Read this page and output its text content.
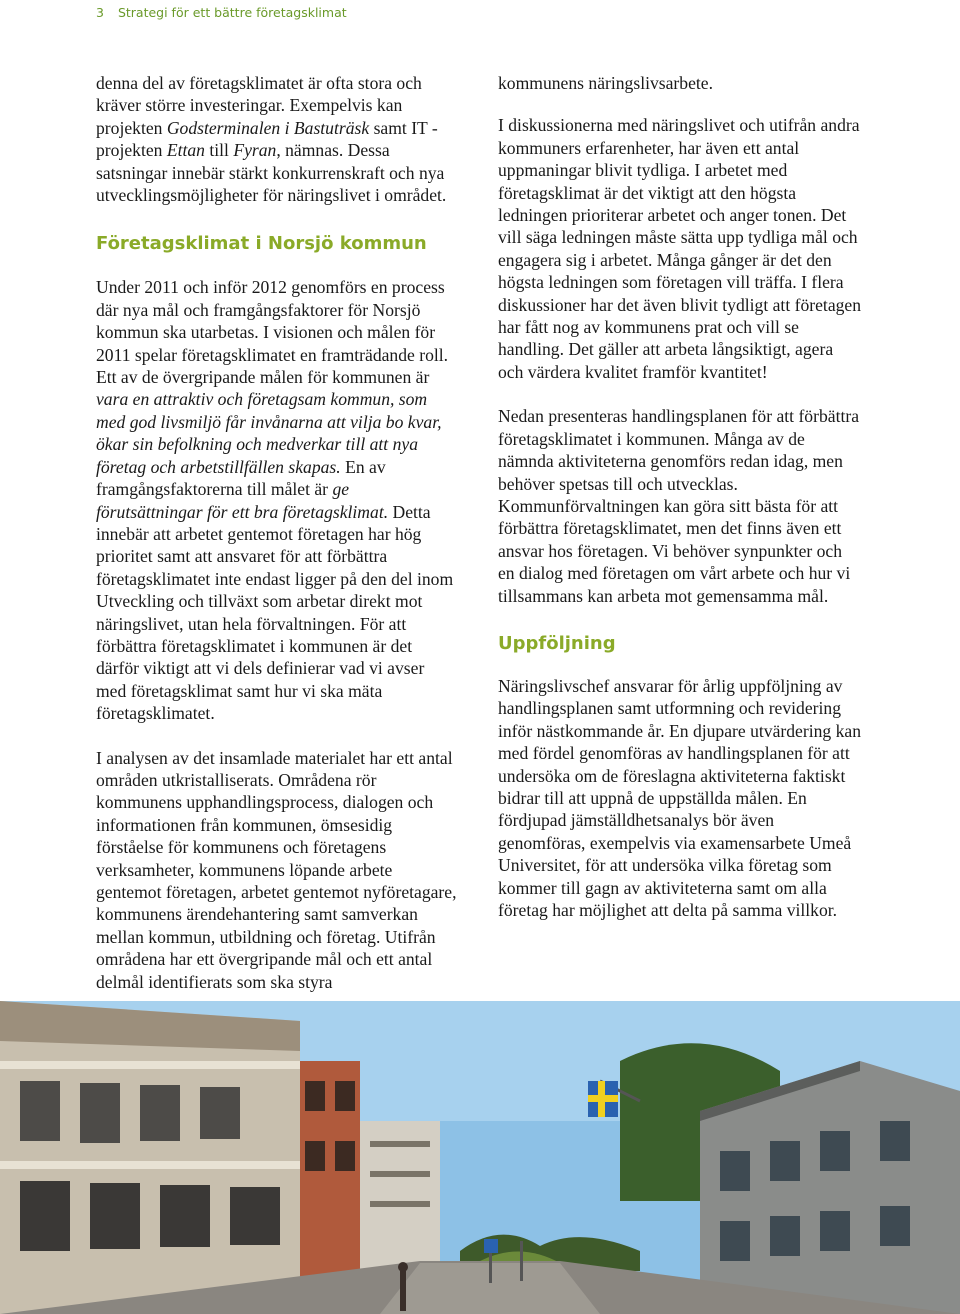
3 Strategi för ett bättre företagsklimat

denna del av företagsklimatet är ofta stora och kräver större investeringar. Exempelvis kan projekten Godsterminalen i Bastuträsk samt IT -projekten Ettan till Fyran, nämnas. Dessa satsningar innebär stärkt konkurrenskraft och nya utvecklingsmöjligheter för näringslivet i området.

Företagsklimat i Norsjö kommun

Under 2011 och inför 2012 genomförs en process där nya mål och framgångsfaktorer för Norsjö kommun ska utarbetas. I visionen och målen för 2011 spelar företagsklimatet en framträdande roll. Ett av de övergripande målen för kommunen är vara en attraktiv och företagsam kommun, som med god livsmiljö får invånarna att vilja bo kvar, ökar sin befolkning och medverkar till att nya företag och arbetstillfällen skapas. En av framgångsfaktorerna till målet är ge förutsättningar för ett bra företagsklimat. Detta innebär att arbetet gentemot företagen har hög prioritet samt att ansvaret för att förbättra företagsklimatet inte endast ligger på den del inom Utveckling och tillväxt som arbetar direkt mot näringslivet, utan hela förvaltningen. För att förbättra företagsklimatet i kommunen är det därför viktigt att vi dels definierar vad vi avser med företagsklimat samt hur vi ska mäta företagsklimatet.

I analysen av det insamlade materialet har ett antal områden utkristalliserats. Områdena rör kommunens upphandlingsprocess, dialogen och informationen från kommunen, ömsesidig förståelse för kommunens och företagens verksamheter, kommunens löpande arbete gentemot företagen, arbetet gentemot nyföretagare, kommunens ärendehantering samt samverkan mellan kommun, utbildning och företag. Utifrån områdena har ett övergripande mål och ett antal delmål identifierats som ska styra

kommunens näringslivsarbete.

I diskussionerna med näringslivet och utifrån andra kommuners erfarenheter, har även ett antal uppmaningar blivit tydliga. I arbetet med företagsklimat är det viktigt att den högsta ledningen prioriterar arbetet och anger tonen. Det vill säga ledningen måste sätta upp tydliga mål och engagera sig i arbetet. Många gånger är det den högsta ledningen som företagen vill träffa. I flera diskussioner har det även blivit tydligt att företagen har fått nog av kommunens prat och vill se handling. Det gäller att arbeta långsiktigt, agera och värdera kvalitet framför kvantitet!

Nedan presenteras handlingsplanen för att förbättra företagsklimatet i kommunen. Många av de nämnda aktiviteterna genomförs redan idag, men behöver spetsas till och utvecklas. Kommunförvaltningen kan göra sitt bästa för att förbättra företagsklimatet, men det finns även ett ansvar hos företagen. Vi behöver synpunkter och en dialog med företagen om vårt arbete och hur vi tillsammans kan arbeta mot gemensamma mål.

Uppföljning

Näringslivschef ansvarar för årlig uppföljning av handlingsplanen samt utformning och revidering inför nästkommande år. En djupare utvärdering kan med fördel genomföras av handlingsplanen för att undersöka om de föreslagna aktiviteterna faktiskt bidrar till att uppnå de uppställda målen. En fördjupad jämställdhetsanalys bör även genomföras, exempelvis via examensarbete Umeå Universitet, för att undersöka vilka företag som kommer till gagn av aktiviteterna samt om alla företag har möjlighet att delta på samma villkor.
